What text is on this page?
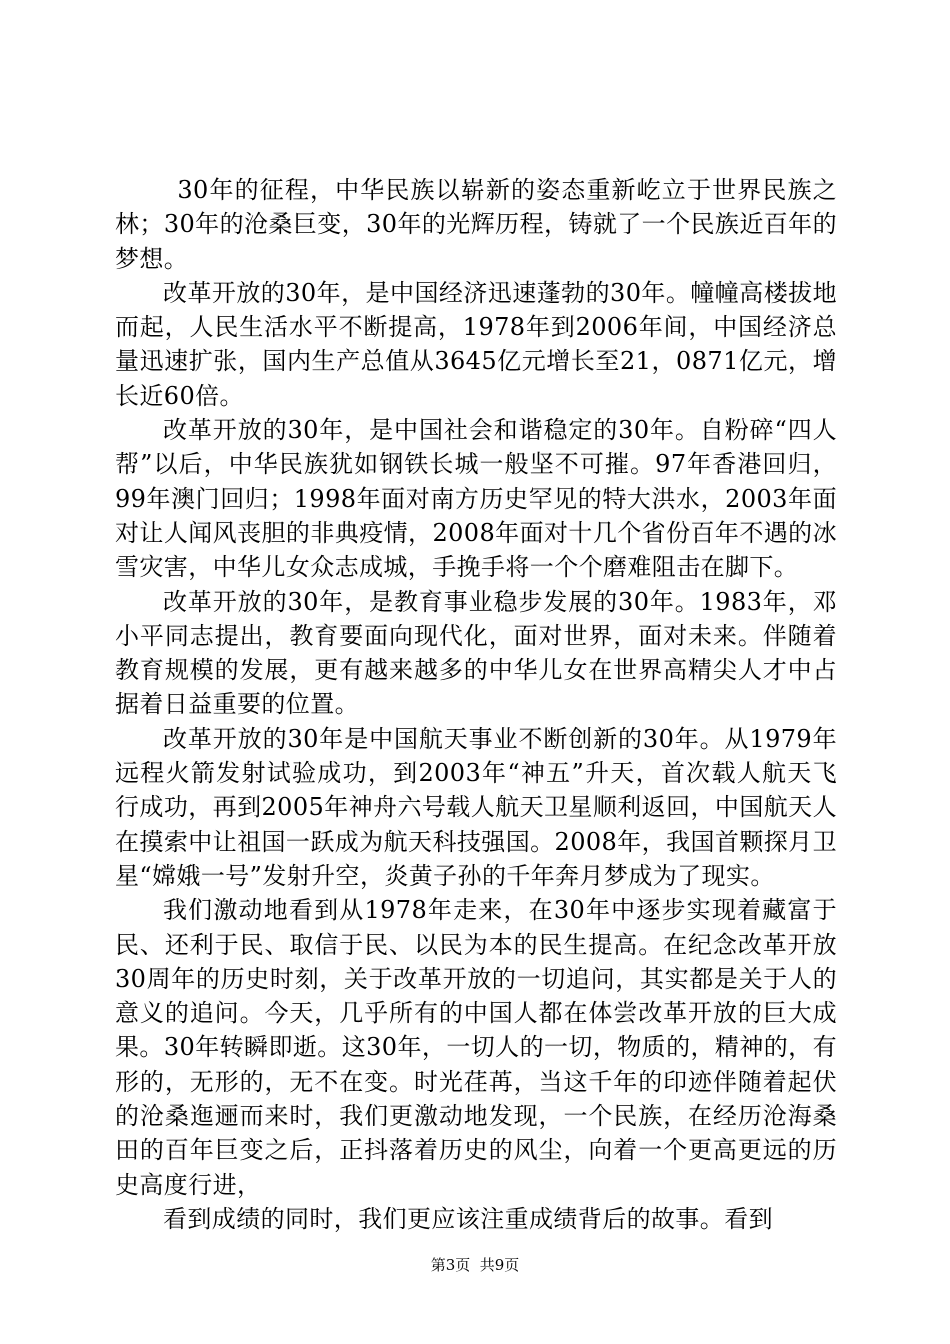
30年的征程，中华民族以崭新的姿态重新屹立于世界民族之林；30年的沧桑巨变，30年的光辉历程，铸就了一个民族近百年的梦想。

改革开放的30年，是中国经济迅速蓬勃的30年。幢幢高楼拔地而起，人民生活水平不断提高，1978年到2006年间，中国经济总量迅速扩张，国内生产总值从3645亿元增长至21，0871亿元，增长近60倍。

改革开放的30年，是中国社会和谐稳定的30年。自粉碎“四人帮”以后，中华民族犹如钢铁长城一般坚不可摧。97年香港回归，99年澳门回归；1998年面对南方历史罕见的特大洪水，2003年面对让人闻风丧胆的非典疫情，2008年面对十几个省份百年不遇的冰雪灾害，中华儿女众志成城，手挽手将一个个磨难阻击在脚下。

改革开放的30年，是教育事业稳步发展的30年。1983年，邓小平同志提出，教育要面向现代化，面对世界，面对未来。伴随着教育规模的发展，更有越来越多的中华儿女在世界高精尖人才中占据着日益重要的位置。

改革开放的30年是中国航天事业不断创新的30年。从1979年远程火箭发射试验成功，到2003年“神五”升天，首次载人航天飞行成功，再到2005年神舟六号载人航天卫星顺利返回，中国航天人在摸索中让祖国一跃成为航天科技强国。2008年，我国首颗探月卫星“嫦娥一号”发射升空，炎黄子孙的千年奔月梦成为了现实。

我们激动地看到从1978年走来，在30年中逐步实现着藏富于民、还利于民、取信于民、以民为本的民生提高。在纪念改革开放30周年的历史时刻，关于改革开放的一切追问，其实都是关于人的意义的追问。今天，几乎所有的中国人都在体尝改革开放的巨大成果。30年转瞬即逝。这30年，一切人的一切，物质的，精神的，有形的，无形的，无不在变。时光荏苒，当这千年的印迹伴随着起伏的沧桑迤逦而来时，我们更激动地发现，一个民族，在经历沧海桑田的百年巨变之后，正抖落着历史的风尘，向着一个更高更远的历史高度行进，

看到成绩的同时，我们更应该注重成绩背后的故事。看到

第3页  共9页
